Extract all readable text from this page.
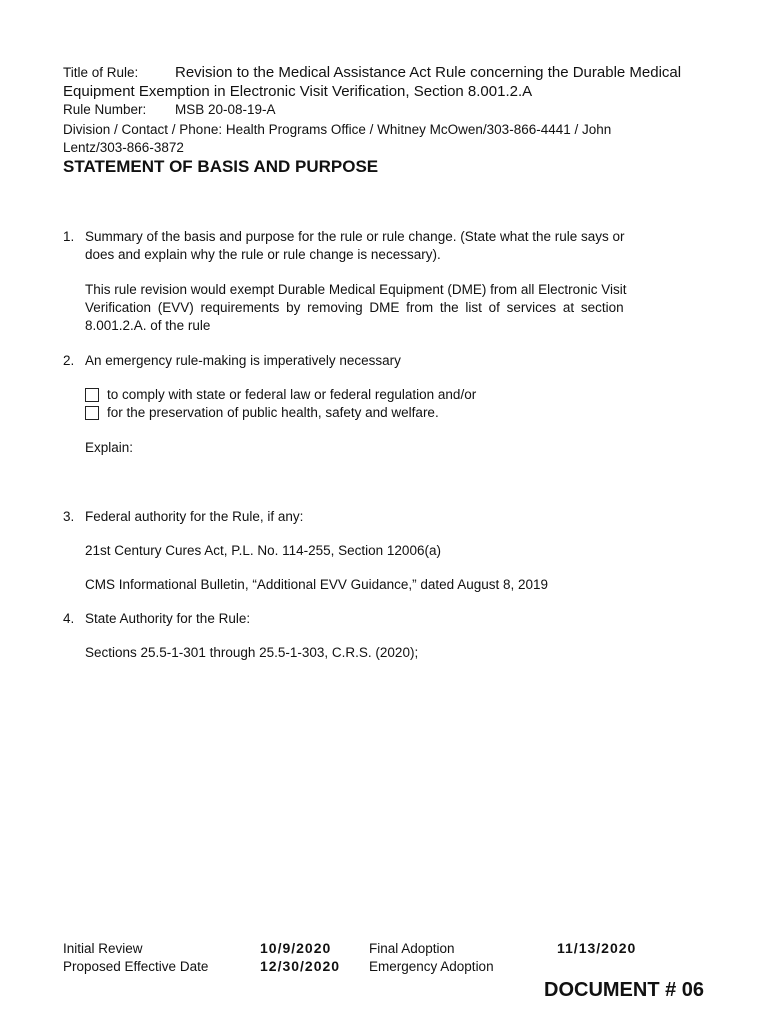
Title of Rule: Revision to the Medical Assistance Act Rule concerning the Durable Medical
Equipment Exemption in Electronic Visit Verification, Section 8.001.2.A
Rule Number: MSB 20-08-19-A
Division / Contact / Phone: Health Programs Office / Whitney McOwen/303-866-4441 / John
Lentz/303-866-3872
STATEMENT OF BASIS AND PURPOSE
1. Summary of the basis and purpose for the rule or rule change. (State what the rule says or
does and explain why the rule or rule change is necessary).
This rule revision would exempt Durable Medical Equipment (DME) from all Electronic Visit
Verification (EVV) requirements by removing DME from the list of services at section
8.001.2.A. of the rule
2. An emergency rule-making is imperatively necessary
to comply with state or federal law or federal regulation and/or
for the preservation of public health, safety and welfare.
Explain:
3. Federal authority for the Rule, if any:
21st Century Cures Act, P.L. No. 114-255, Section 12006(a)
CMS Informational Bulletin, “Additional EVV Guidance,” dated August 8, 2019
4. State Authority for the Rule:
Sections 25.5-1-301 through 25.5-1-303, C.R.S. (2020);
Initial Review	10/9/2020	Final Adoption	11/13/2020
Proposed Effective Date	12/30/2020 Emergency Adoption
DOCUMENT # 06
